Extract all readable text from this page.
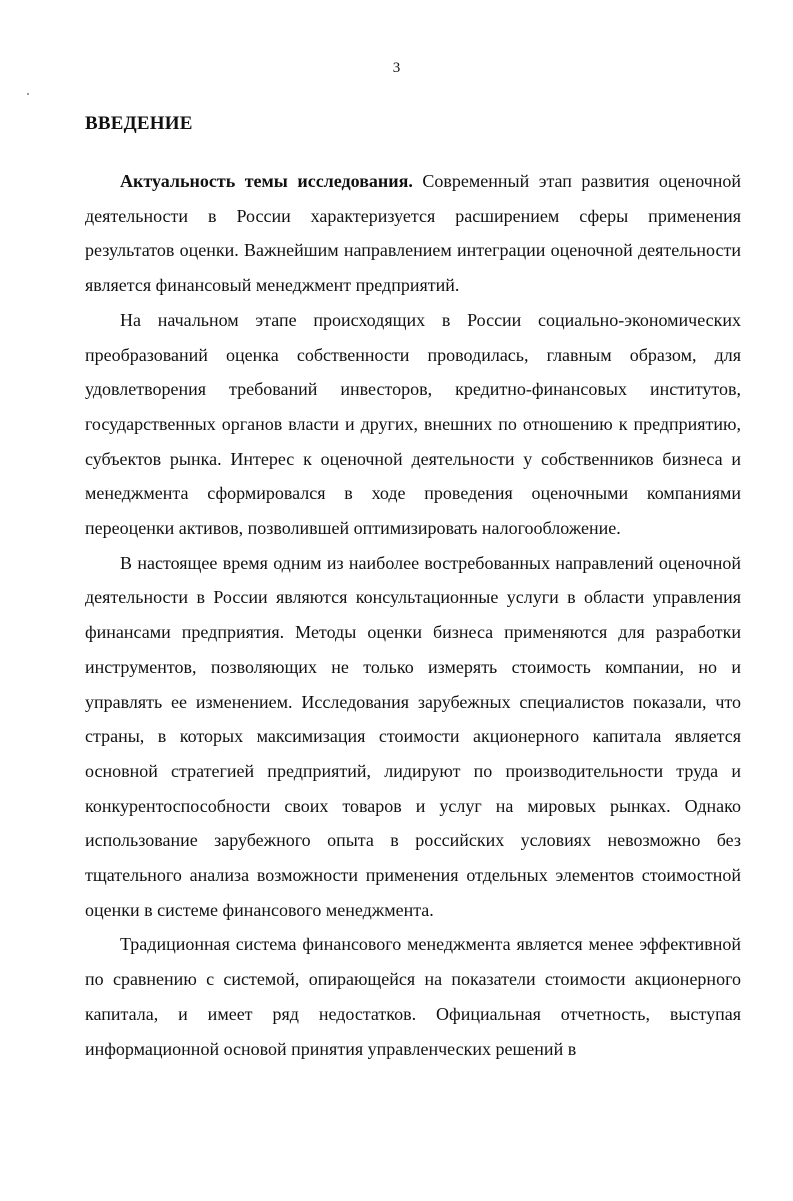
3
ВВЕДЕНИЕ

Актуальность темы исследования. Современный этап развития оценочной деятельности в России характеризуется расширением сферы применения результатов оценки. Важнейшим направлением интеграции оценочной деятельности является финансовый менеджмент предприятий.

На начальном этапе происходящих в России социально-экономических преобразований оценка собственности проводилась, главным образом, для удовлетворения требований инвесторов, кредитно-финансовых институтов, государственных органов власти и других, внешних по отношению к предприятию, субъектов рынка. Интерес к оценочной деятельности у собственников бизнеса и менеджмента сформировался в ходе проведения оценочными компаниями переоценки активов, позволившей оптимизировать налогообложение.

В настоящее время одним из наиболее востребованных направлений оценочной деятельности в России являются консультационные услуги в области управления финансами предприятия. Методы оценки бизнеса применяются для разработки инструментов, позволяющих не только измерять стоимость компании, но и управлять ее изменением. Исследования зарубежных специалистов показали, что страны, в которых максимизация стоимости акционерного капитала является основной стратегией предприятий, лидируют по производительности труда и конкурентоспособности своих товаров и услуг на мировых рынках. Однако использование зарубежного опыта в российских условиях невозможно без тщательного анализа возможности применения отдельных элементов стоимостной оценки в системе финансового менеджмента.

Традиционная система финансового менеджмента является менее эффективной по сравнению с системой, опирающейся на показатели стоимости акционерного капитала, и имеет ряд недостатков. Официальная отчетность, выступая информационной основой принятия управленческих решений в
